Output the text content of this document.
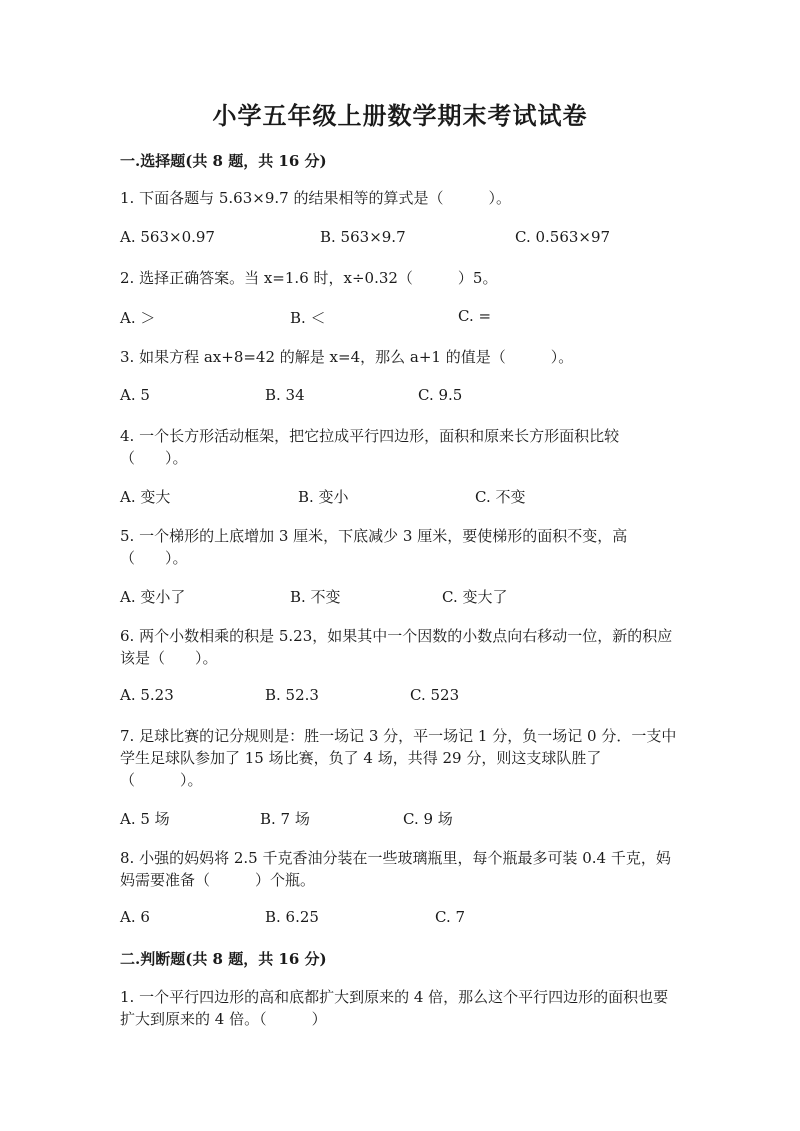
小学五年级上册数学期末考试试卷
一.选择题(共 8 题，共 16 分)
1. 下面各题与 5.63×9.7 的结果相等的算式是（　　　）。
A. 563×0.97	B. 563×9.7	C. 0.563×97
2. 选择正确答案。当 x=1.6 时，x÷0.32（　　　）5。
A. ＞	B. ＜	C. =
3. 如果方程 ax+8=42 的解是 x=4，那么 a+1 的值是（　　　）。
A. 5	B. 34	C. 9.5
4. 一个长方形活动框架，把它拉成平行四边形，面积和原来长方形面积比较（　　）。
A. 变大	B. 变小	C. 不变
5. 一个梯形的上底增加 3 厘米，下底减少 3 厘米，要使梯形的面积不变，高（　　）。
A. 变小了	B. 不变	C. 变大了
6. 两个小数相乘的积是 5.23，如果其中一个因数的小数点向右移动一位，新的积应该是（　　）。
A. 5.23	B. 52.3	C. 523
7. 足球比赛的记分规则是：胜一场记 3 分，平一场记 1 分，负一场记 0 分．一支中学生足球队参加了 15 场比赛，负了 4 场，共得 29 分，则这支球队胜了（　　　）。
A. 5 场	B. 7 场	C. 9 场
8. 小强的妈妈将 2.5 千克香油分装在一些玻璃瓶里，每个瓶最多可装 0.4 千克，妈妈需要准备（　　　）个瓶。
A. 6	B. 6.25	C. 7
二.判断题(共 8 题，共 16 分)
1. 一个平行四边形的高和底都扩大到原来的 4 倍，那么这个平行四边形的面积也要扩大到原来的 4 倍。（　　　）
